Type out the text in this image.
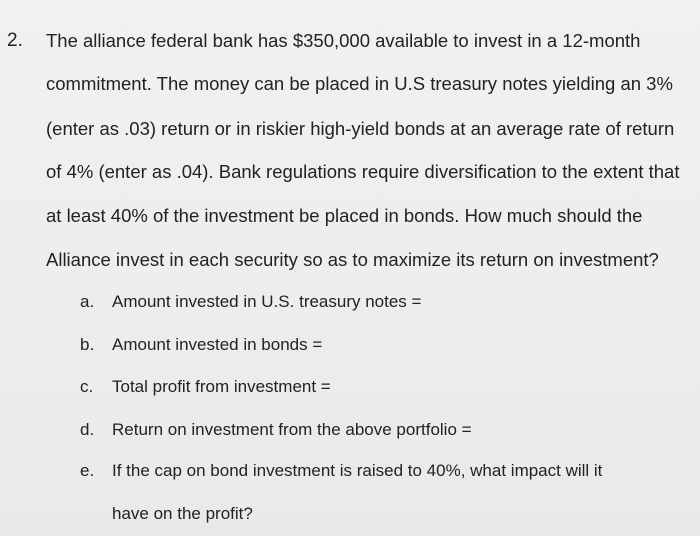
2. The alliance federal bank has $350,000 available to invest in a 12-month
commitment. The money can be placed in U.S treasury notes yielding an 3%
(enter as .03) return or in riskier high-yield bonds at an average rate of return
of 4% (enter as .04). Bank regulations require diversification to the extent that
at least 40% of the investment be placed in bonds. How much should the
Alliance invest in each security so as to maximize its return on investment?
a. Amount invested in U.S. treasury notes =
b. Amount invested in bonds =
c. Total profit from investment =
d. Return on investment from the above portfolio =
e. If the cap on bond investment is raised to 40%, what impact will it
have on the profit?
